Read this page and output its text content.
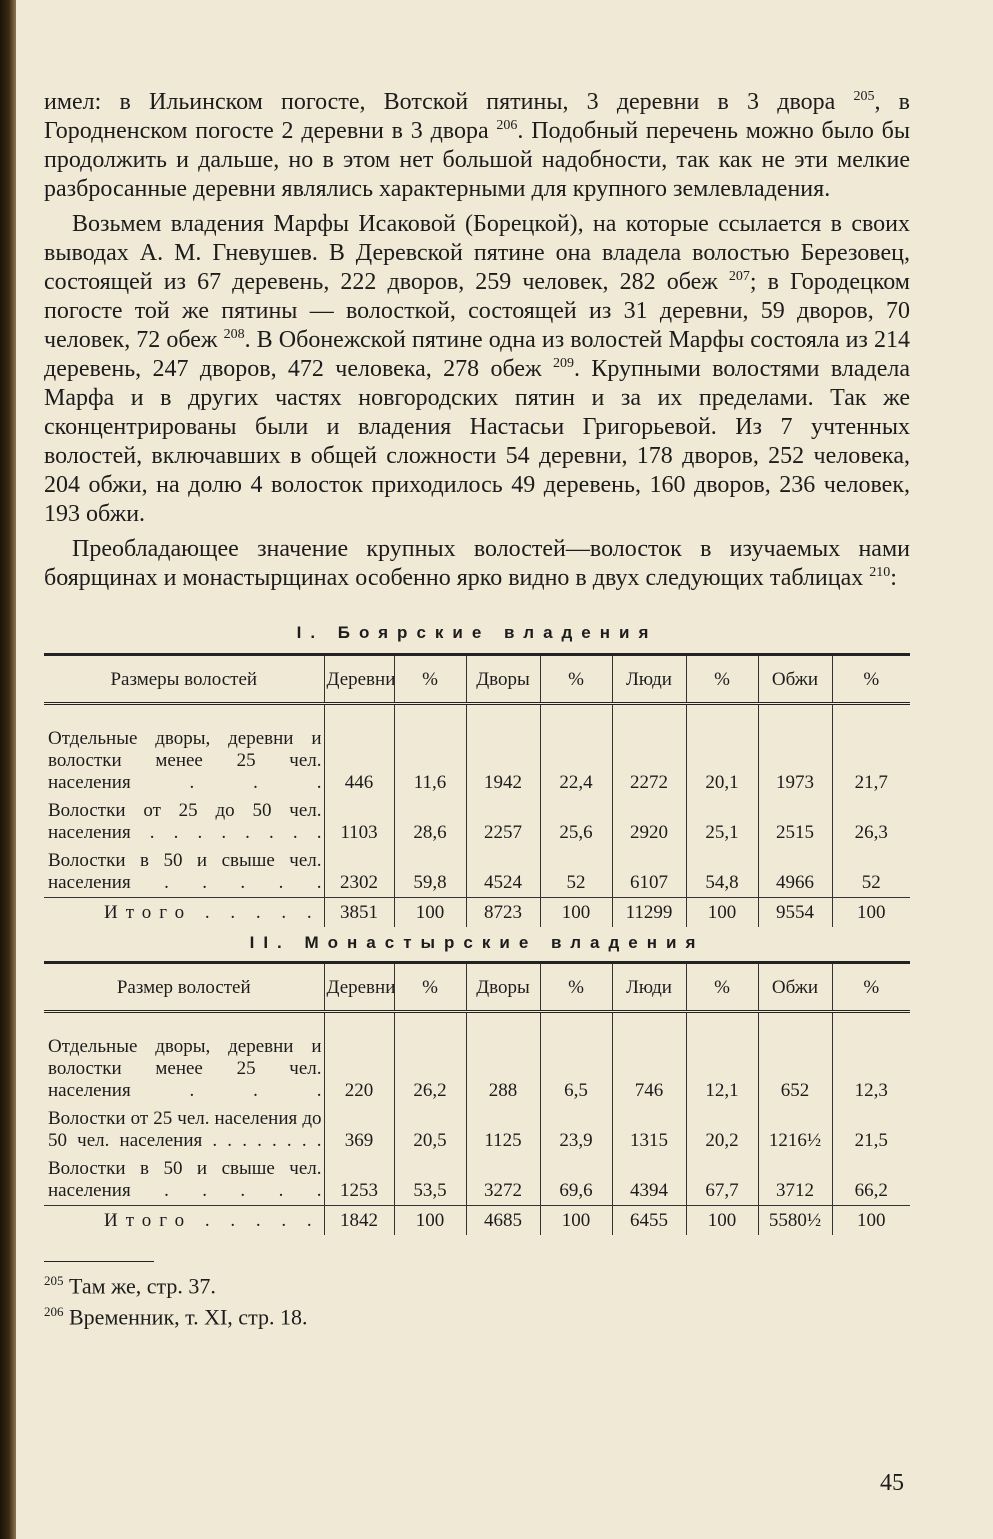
имел: в Ильинском погосте, Вотской пятины, 3 деревни в 3 двора $^{205}$, в Городненском погосте 2 деревни в 3 двора $^{206}$. Подобный перечень можно было бы продолжить и дальше, но в этом нет большой надобности, так как не эти мелкие разбросанные деревни являлись характерными для крупного землевладения.

Возьмем владения Марфы Исаковой (Борецкой), на которые ссылается в своих выводах А. М. Гневушев. В Деревской пятине она владела волостью Березовец, состоящей из 67 деревень, 222 дворов, 259 человек, 282 обеж $^{207}$; в Городецком погосте той же пятины — волосткой, состоящей из 31 деревни, 59 дворов, 70 человек, 72 обеж $^{208}$. В Обонежской пятине одна из волостей Марфы состояла из 214 деревень, 247 дворов, 472 человека, 278 обеж $^{209}$. Крупными волостями владела Марфа и в других частях новгородских пятин и за их пределами. Так же сконцентрированы были и владения Настасьи Григорьевой. Из 7 учтенных волостей, включавших в общей сложности 54 деревни, 178 дворов, 252 человека, 204 обжи, на долю 4 волосток приходилось 49 деревень, 160 дворов, 236 человек, 193 обжи.

Преобладающее значение крупных волостей—волосток в изучаемых нами боярщинах и монастырщинах особенно ярко видно в двух следующих таблицах $^{210}$:

I. Боярские владения

Размеры волостей	Деревни	%	Дворы	%	Люди	%	Обжи	%

Отдельные дворы, деревни и волостки менее 25 чел. населения . . .	446	11,6	1942	22,4	2272	20,1	1973	21,7
Волостки от 25 до 50 чел. населения . . . . . . . .	1103	28,6	2257	25,6	2920	25,1	2515	26,3
Волостки в 50 и свыше чел. населения . . . . .	2302	59,8	4524	52	6107	54,8	4966	52
Итого . . . . .	3851	100	8723	100	11299	100	9554	100

II. Монастырские владения

Размер волостей	Деревни	%	Дворы	%	Люди	%	Обжи	%

Отдельные дворы, деревни и волостки менее 25 чел. населения . . .	220	26,2	288	6,5	746	12,1	652	12,3
Волостки от 25 чел. населения до 50 чел. населения . . . . . . . .	369	20,5	1125	23,9	1315	20,2	1216½	21,5
Волостки в 50 и свыше чел. населения . . . . .	1253	53,5	3272	69,6	4394	67,7	3712	66,2
Итого . . . . .	1842	100	4685	100	6455	100	5580½	100

$^{205}$ Там же, стр. 37.

$^{206}$ Временник, т. XI, стр. 18.

45
